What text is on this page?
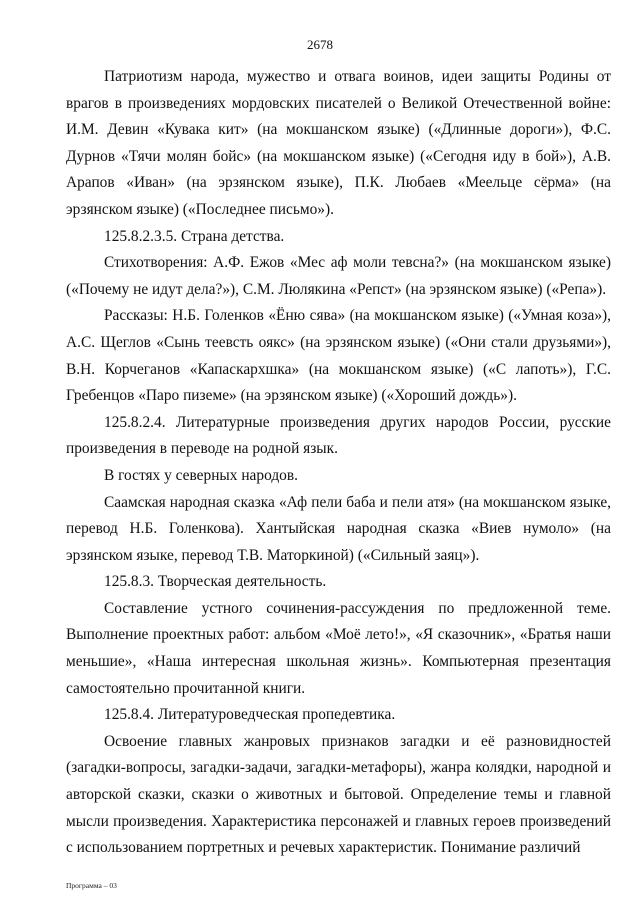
2678

Патриотизм народа, мужество и отвага воинов, идеи защиты Родины от врагов в произведениях мордовских писателей о Великой Отечественной войне: И.М. Девин «Кувака кит» (на мокшанском языке) («Длинные дороги»), Ф.С. Дурнов «Тячи молян бойс» (на мокшанском языке) («Сегодня иду в бой»), А.В. Арапов «Иван» (на эрзянском языке), П.К. Любаев «Меельце сёрма» (на эрзянском языке) («Последнее письмо»).

125.8.2.3.5. Страна детства.

Стихотворения: А.Ф. Ежов «Мес аф моли тевсна?» (на мокшанском языке) («Почему не идут дела?»), С.М. Люлякина «Репст» (на эрзянском языке) («Репа»).

Рассказы: Н.Б. Голенков «Ёню сява» (на мокшанском языке) («Умная коза»), А.С. Щеглов «Сынь теевсть оякс» (на эрзянском языке) («Они стали друзьями»), В.Н. Корчеганов «Капаскархшка» (на мокшанском языке) («С лапоть»), Г.С. Гребенцов «Паро пиземе» (на эрзянском языке) («Хороший дождь»).

125.8.2.4. Литературные произведения других народов России, русские произведения в переводе на родной язык.

В гостях у северных народов.

Саамская народная сказка «Аф пели баба и пели атя» (на мокшанском языке, перевод Н.Б. Голенкова). Хантыйская народная сказка «Виев нумоло» (на эрзянском языке, перевод Т.В. Маторкиной) («Сильный заяц»).

125.8.3. Творческая деятельность.

Составление устного сочинения-рассуждения по предложенной теме. Выполнение проектных работ: альбом «Моё лето!», «Я сказочник», «Братья наши меньшие», «Наша интересная школьная жизнь». Компьютерная презентация самостоятельно прочитанной книги.

125.8.4. Литературоведческая пропедевтика.

Освоение главных жанровых признаков загадки и её разновидностей (загадки-вопросы, загадки-задачи, загадки-метафоры), жанра колядки, народной и авторской сказки, сказки о животных и бытовой. Определение темы и главной мысли произведения. Характеристика персонажей и главных героев произведений с использованием портретных и речевых характеристик. Понимание различий

Программа – 03
